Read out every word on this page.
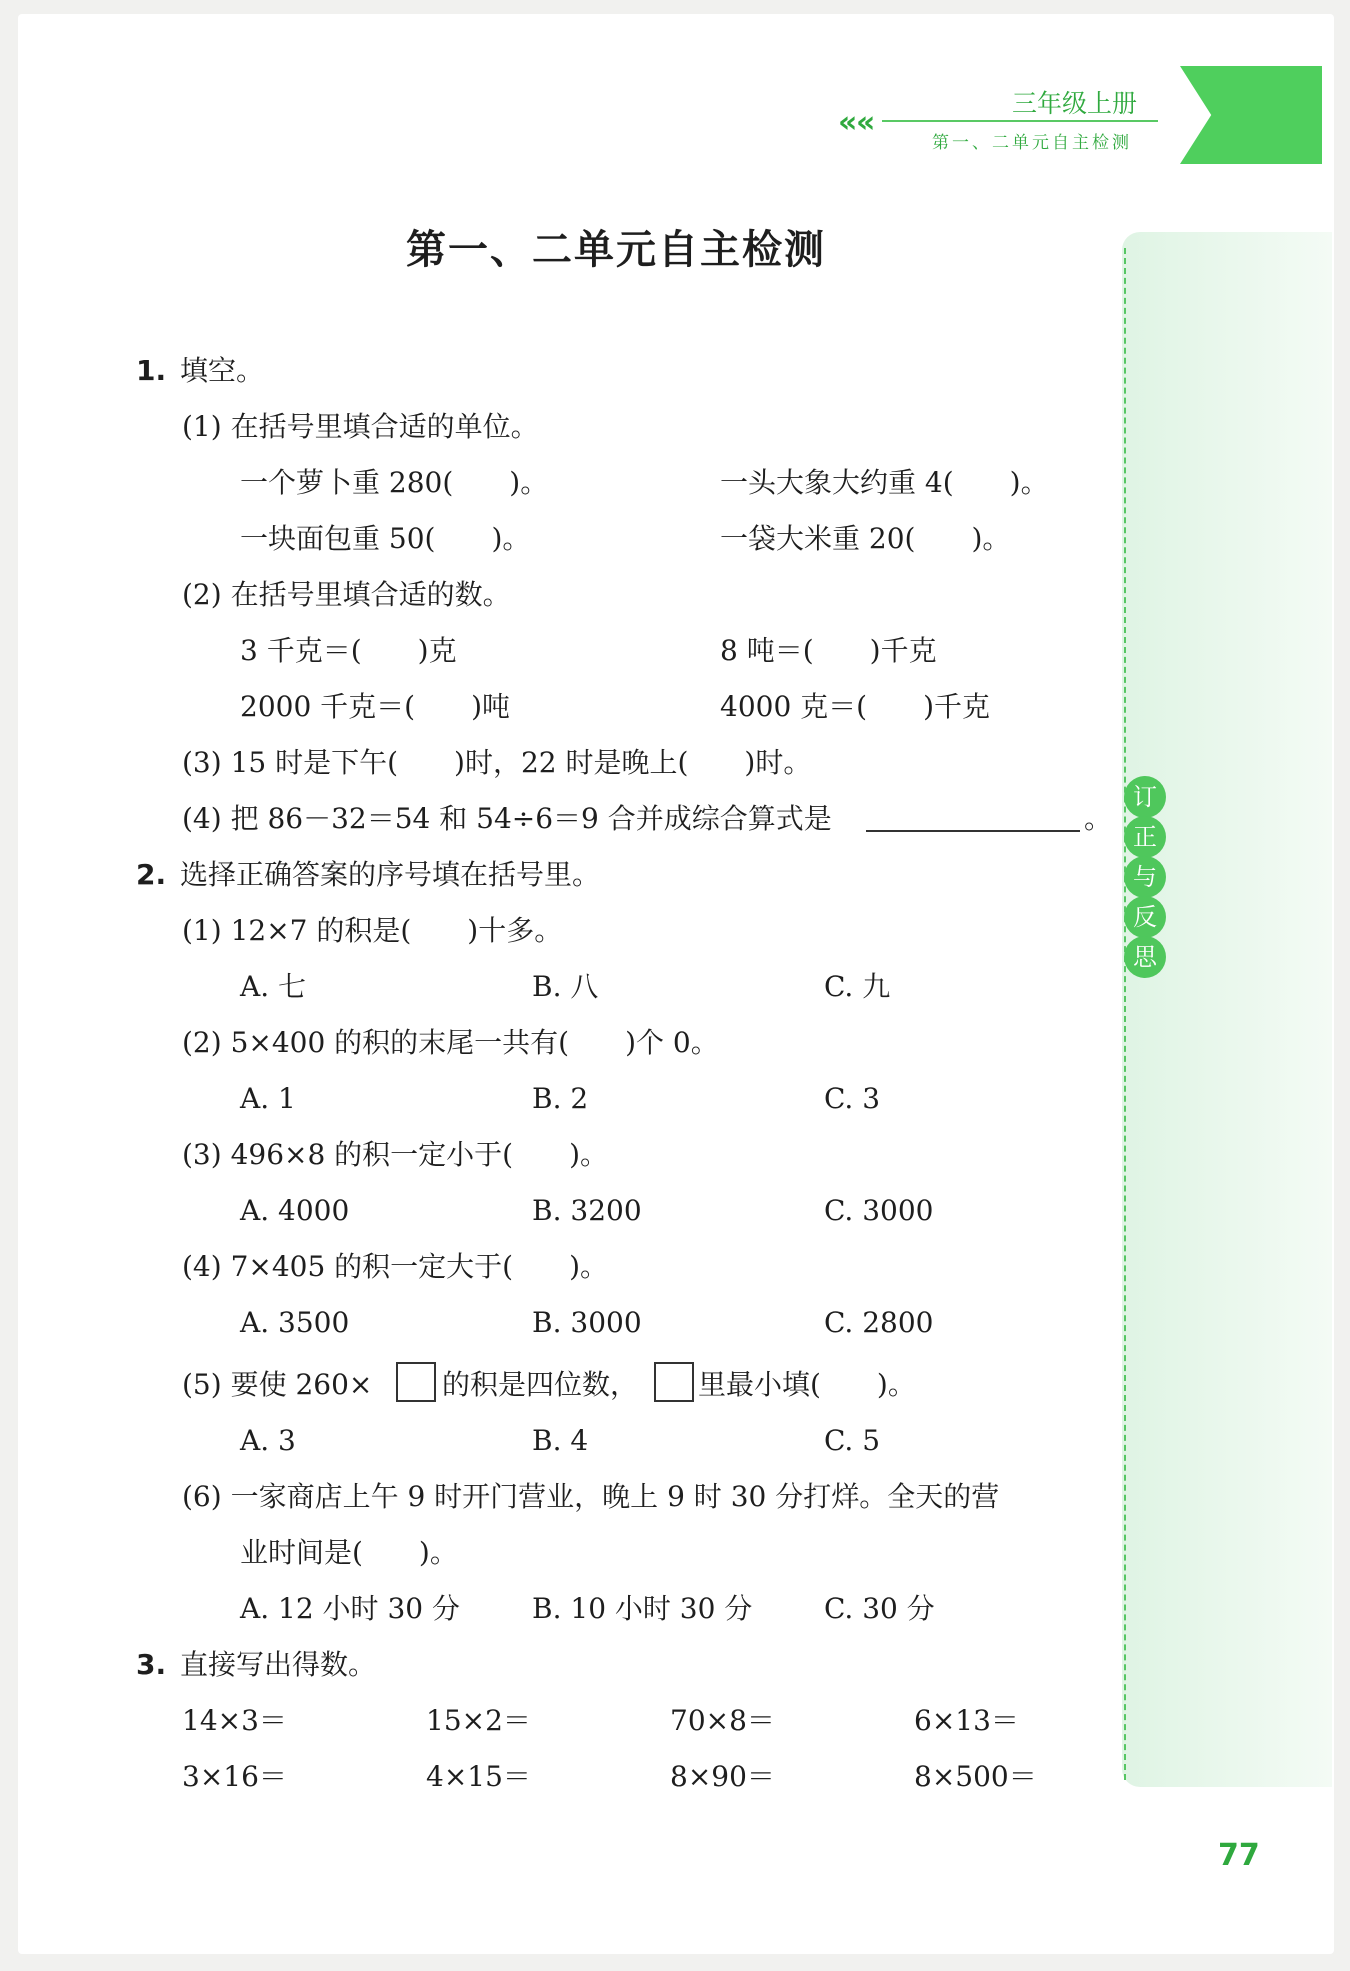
«
«
三年级上册
第一、二单元自主检测
第一、二单元自主检测
订
正
与
反
思
1. 填空。
(1) 在括号里填合适的单位。
一个萝卜重 280(　　)。	一头大象大约重 4(　　)。
一块面包重 50(　　)。	一袋大米重 20(　　)。
(2) 在括号里填合适的数。
3 千克＝(　　)克	8 吨＝(　　)千克
2000 千克＝(　　)吨	4000 克＝(　　)千克
(3) 15 时是下午(　　)时，22 时是晚上(　　)时。
(4) 把 86－32＝54 和 54÷6＝9 合并成综合算式是	。
2. 选择正确答案的序号填在括号里。
(1) 12×7 的积是(　　)十多。
A. 七	B. 八	C. 九
(2) 5×400 的积的末尾一共有(　　)个 0。
A. 1	B. 2	C. 3
(3) 496×8 的积一定小于(　　)。
A. 4000	B. 3200	C. 3000
(4) 7×405 的积一定大于(　　)。
A. 3500	B. 3000	C. 2800
(5) 要使 260× 的积是四位数， 里最小填(　　)。
A. 3	B. 4	C. 5
(6) 一家商店上午 9 时开门营业，晚上 9 时 30 分打烊。全天的营
业时间是(　　)。
A. 12 小时 30 分	B. 10 小时 30 分	C. 30 分
3. 直接写出得数。
14×3＝	15×2＝	70×8＝	6×13＝
3×16＝	4×15＝	8×90＝	8×500＝
77
